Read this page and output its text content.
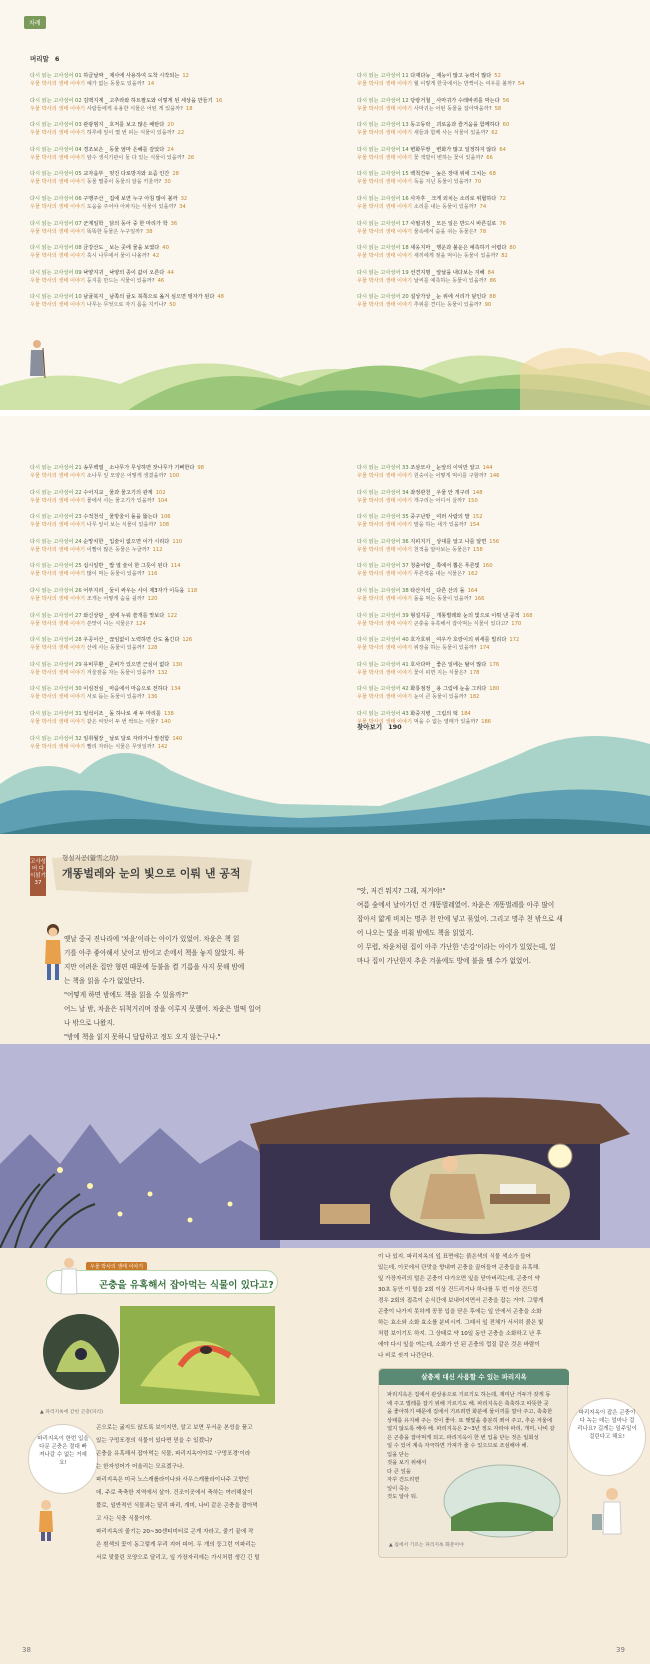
차례
머리말 6
다시 읽는 고사성어 01 하글날짜 _ 제사에 사용하여 도착 시작되는 12
우물 박사의 생태 이야기 예가 없는 동물도 있을까? 14
다시 읽는 고사성어 02 김맥지계 _ 고추라와 하트팔도와 이렇게 된 세상을 만들기 16
우물 박사의 생태 이야기 사람들에게 유용한 식물은 어떤 게 있을까? 18
다시 읽는 고사성어 03 관광범지 _ 호저를 보고 많은 배탄다 20
우물 박사의 생태 이야기 하루에 잎이 몇 번 피는 식물이 있을까? 22
다시 읽는 고사성어 04 경조보은 _ 동물 엄마 은혜를 갚았다 24
우물 박사의 생태 이야기 암수 생식기관이 둘 다 있는 식물이 있을까? 26
다시 읽는 고사성어 05 교자읍부 _ 멋진 다로방지와 요즘 인간 28
우물 박사의 생태 이야기 동물 멸종이 동물의 알을 키울까? 30
다시 읽는 고사성어 06 구맹주산 _ 집에 보면 누구 아침 많이 볼까 32
우물 박사의 생태 이야기 도움을 주어야 아파지는 식물이 있을까? 34
다시 읽는 고사성어 07 군계일학 _ 닭의 동아 중 한 마리가 학 36
우물 박사의 생태 이야기 똑똑한 동물은 누구일까? 38
다시 읽는 고사성어 08 금강산도 _ 보는 곳에 물을 보였다 40
우물 박사의 생태 이야기 혹시 나무에서 물이 나올까? 42
다시 읽는 고사성어 09 낙양지귀 _ 낙양의 종이 값이 오른다 44
우물 박사의 생태 이야기 둥지를 만드는 식물이 있을까? 46
다시 읽는 고사성어 10 남귤북지 _ 남쪽의 귤도 북쪽으로 옮겨 심으면 탱자가 된다 48
우물 박사의 생태 이야기 나무는 무엇으로 자기 몸을 지키나? 50
다시 읽는 고사성어 11 다재다능 _ 재능이 많고 능력이 많다 52
우물 박사의 생태 이야기 월 이렇게 한국에서는 반짝이는 여우를 볼까? 54
다시 읽는 고사성어 12 당랑거철 _ 사마귀가 수레바퀴를 막는다 56
우물 박사의 생태 이야기 사마귀는 어떤 동물을 잡아먹을까? 58
다시 읽는 고사성어 13 동고동락 _ 괴로움과 즐거움을 함께하다 60
우물 박사의 생태 이야기 새들과 함께 사는 식물이 있을까? 62
다시 읽는 고사성어 14 변화무쌍 _ 변화가 많고 일정하지 않다 64
우물 박사의 생태 이야기 꽃 색깔이 변하는 꽃이 있을까? 66
다시 읽는 고사성어 15 백척간두 _ 높은 장대 위에 그치는 68
우물 박사의 생태 이야기 독을 지닌 동물이 있을까? 70
다시 읽는 고사성어 16 사자후 _ 크게 외치는 소리로 위협하다 72
우물 박사의 생태 이야기 소리를 내는 동물이 있을까? 74
다시 읽는 고사성어 17 사필귀정 _ 모든 일은 반드시 바른길로 76
우물 박사의 생태 이야기 물속에서 숨을 쉬는 동물은? 78
다시 읽는 고사성어 18 새옹지마 _ 행운과 불운은 예측하기 어렵다 80
우물 박사의 생태 이야기 새끼에게 젖을 먹이는 동물이 있을까? 82
다시 읽는 고사성어 19 선견지명 _ 앞날을 내다보는 지혜 84
우물 박사의 생태 이야기 날씨를 예측하는 동물이 있을까? 86
다시 읽는 고사성어 20 설상가상 _ 눈 위에 서리가 덮인다 88
우물 박사의 생태 이야기 추위를 견디는 동물이 있을까? 90
다시 읽는 고사성어 21 송무백열 _ 소나무가 무성하면 잣나무가 기뻐한다 98
우물 박사의 생태 이야기 소나무 잎 모양은 어떻게 생겼을까? 100
다시 읽는 고사성어 22 수어지교 _ 물과 물고기의 관계 102
우물 박사의 생태 이야기 뭍에서 사는 물고기가 있을까? 104
다시 읽는 고사성어 23 수적천석 _ 물방울이 돌을 뚫는다 106
우물 박사의 생태 이야기 나무 잎이 보는 식물이 있을까? 108
다시 읽는 고사성어 24 순망치한 _ 입술이 없으면 이가 시리다 110
우물 박사의 생태 이야기 이빨이 많은 동물은 누굴까? 112
다시 읽는 고사성어 25 십시일반 _ 밥 열 술이 한 그릇이 된다 114
우물 박사의 생태 이야기 많이 먹는 동물이 있을까? 116
다시 읽는 고사성어 26 어부지리 _ 둘이 싸우는 사이 제3자가 이득을 118
우물 박사의 생태 이야기 조개는 어떻게 숨을 쉴까? 120
다시 읽는 고사성어 27 와신상담 _ 섶에 누워 쓸개를 맛보다 122
우물 박사의 생태 이야기 쓴맛이 나는 식물은? 124
다시 읽는 고사성어 28 우공이산 _ 끊임없이 노력하면 산도 옮긴다 126
우물 박사의 생태 이야기 산에 사는 동물이 있을까? 128
다시 읽는 고사성어 29 유비무환 _ 준비가 있으면 근심이 없다 130
우물 박사의 생태 이야기 겨울잠을 자는 동물이 있을까? 132
다시 읽는 고사성어 30 이심전심 _ 마음에서 마음으로 전하다 134
우물 박사의 생태 이야기 서로 돕는 동물이 있을까? 136
다시 읽는 고사성어 31 일석이조 _ 돌 하나로 새 두 마리를 138
우물 박사의 생태 이야기 같은 씨앗이 두 번 싹트는 식물? 140
다시 읽는 고사성어 32 일취월장 _ 날로 달로 자라거나 발전함 140
우물 박사의 생태 이야기 빨리 자라는 식물은 무엇일까? 142
다시 읽는 고사성어 33 조삼모사 _ 눈앞의 이익만 알고 144
우물 박사의 생태 이야기 원숭이는 어떻게 먹이를 구할까? 146
다시 읽는 고사성어 34 좌정관천 _ 우물 안 개구리 148
우물 박사의 생태 이야기 개구리는 어디서 살까? 150
다시 읽는 고사성어 35 중구난방 _ 여러 사람의 말 152
우물 박사의 생태 이야기 말을 하는 새가 있을까? 154
다시 읽는 고사성어 36 지피지기 _ 상대를 알고 나를 알면 156
우물 박사의 생태 이야기 천적을 알아보는 동물은? 158
다시 읽는 고사성어 37 청출어람 _ 쪽에서 뽑은 푸른빛 160
우물 박사의 생태 이야기 푸른색을 내는 식물은? 162
다시 읽는 고사성어 38 타산지석 _ 다른 산의 돌 164
우물 박사의 생태 이야기 돌을 먹는 동물이 있을까? 166
다시 읽는 고사성어 39 형설지공 _ 개똥벌레와 눈의 빛으로 이뤄 낸 공적 168
우물 박사의 생태 이야기 곤충을 유혹해서 잡아먹는 식물이 있다고? 170
다시 읽는 고사성어 40 호가호위 _ 여우가 호랑이의 위세를 빌리다 172
우물 박사의 생태 이야기 위장을 하는 동물이 있을까? 174
다시 읽는 고사성어 41 호사다마 _ 좋은 일에는 탈이 많다 176
우물 박사의 생태 이야기 꽃이 피면 지는 식물은? 178
다시 읽는 고사성어 42 화룡점정 _ 용 그림에 눈을 그리다 180
우물 박사의 생태 이야기 눈이 큰 동물이 있을까? 182
다시 읽는 고사성어 43 화중지병 _ 그림의 떡 184
우물 박사의 생태 이야기 먹을 수 없는 열매가 있을까? 186
찾아보기 190
고사성어 다시읽기 37
형설지공(螢雪之功)
개똥벌레와 눈의 빛으로 이뤄 낸 공적
옛날 중국 진나라에 '차윤'이라는 아이가 있었어. 차윤은 책 읽
기를 아주 좋아해서 낮이고 밤이고 손에서 책을 놓지 않았지. 하
지만 어려운 집안 형편 때문에 등불을 켤 기름을 사지 못해 밤에
는 책을 읽을 수가 없었단다.
"어떻게 하면 밤에도 책을 읽을 수 있을까?"
어느 날 밤, 차윤은 뒤척거리며 잠을 이루지 못했어. 차윤은 벌떡 일어
나 밖으로 나왔지.
"밤에 책을 읽지 못하니 답답하고 정도 오지 않는구나."
"앗, 저건 뭐지? 그래, 저거야!"
여름 숲에서 날아가던 건 개똥벌레였어. 차윤은 개똥벌레를 아주 많이
잡아서 얇게 비치는 명주 천 안에 넣고 묶었어. 그리고 명주 천 밖으로 새
어 나오는 빛을 비춰 밤에도 책을 읽었지.
이 무렵, 차윤처럼 집이 아주 가난한 '손강'이라는 아이가 있었는데, 얼
마나 집이 가난한지 추운 겨울에도 방에 불을 땔 수가 없었어.
우물 박사의 생태 이야기
곤충을 유혹해서 잡아먹는 식물이 있다고?
▲ 파리지옥에 갇힌 곤충(파리)
파리지옥이 한번 입을 다문 곤충은 절대 빠져나갈 수 없는 거예요!
파리지옥이 잡은 곤충이 다 녹는 데는 얼마나 걸리나요? 길게는 일주일이 걸린다고 해요!
곤으로는 굶지도 않도록 보이지만, 알고 보면 무서운 본성을 품고
있는 구멍포경의 식물이 있다면 믿을 수 있겠니?
곤충을 유혹해서 잡아먹는 식물, 파리지옥이야로 '구멍포경'이라
는 한자성어가 어울리는 모르겠구나.
파리지옥은 미국 노스캐롤라이나와 사우스캐롤라이나주 고향인
데, 주로 축축한 지역에서 살아. 건조이곳에서 축하는 여러해살이
풀로, 일반적인 식물과는 달리 파리, 개미, 나비 같은 곤충을 잡아먹
고 사는 식충 식물이야.
파리지옥의 줄기는 20~30센티미터로 곤게 자라고, 줄기 끝에 작
은 흰색의 꽃이 동그렇게 무리 지어 피어. 두 개의 둥그런 이파리는
서로 맞물린 모양으로 달리고, 잎 가장자리에는 가시처럼 생긴 긴 털
이 나 있지. 파리지옥의 잎 표면에는 붉은색의 식물 색소가 들어
있는데, 이곳에서 단맛을 향내며 곤충을 끌어들여 곤충들을 유혹해.
잎 가장자리의 털은 곤충이 다가오면 잎을 닫아버리는데, 곤충이 약
30초 동안 이 털을 2회 이상 건드리거나 하나를 두 번 이상 건드렁
경우 2회의 접촉이 순식간에 보내어지면서 곤충을 잡는 거야. 그렇게
곤충이 나가지 못하게 꽁꽁 입을 닫은 후에는 잎 안에서 곤충을 소화
하는 효소와 소화 효소를 분비시켜. 그래서 잎 전체가 서서히 붉은 빛
처럼 보이기도 하지. 그 상태로 약 10일 동안 곤충을 소화하고 난 후
에야 다시 잎을 여는데, 소화가 안 된 곤충의 껍질 같은 것은 바람이
나 비로 씻겨 나간단다.
살충제 대신 사용할 수 있는 파리지옥
파리지옥은 집에서 관상용으로 기르기도 하는데, 재미난 거두가 갖게 동
에 주고 벌레를 잡기 위해 기르기도 해. 파리지옥은 축축하고 따뜻한 곳
을 좋아하기 때문에 집에서 기르려면 화분에 물이끼를 깔아 주고, 축축한
상태를 유지해 주는 것이 좋아. 또 햇빛을 충분히 쬐어 주고, 추운 겨울에
얼지 않도록 해야 해. 파리지옥은 2~3년 정도 자라야 파리, 개미, 나비 같
은 곤충을 잡아먹게 되고, 파리지옥이 한 번 입을 닫는 것은 일회성
일 수 있어 계속 자극하면 가져가 줄 수 있으므로 조심해야 해.
입을 닫는
것을 보기 위해서
다 큰 잎을
자꾸 건드리면
잎이 죽는
것도 알아 둬.
▲ 집에서 기르는 파리지옥 화분이야
38	39
